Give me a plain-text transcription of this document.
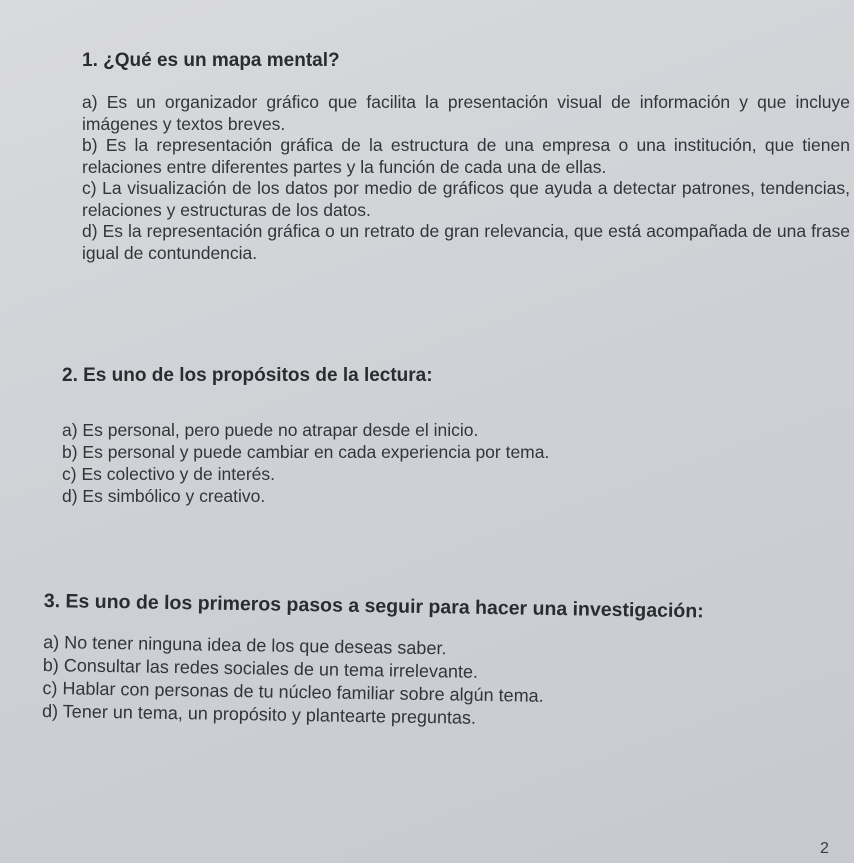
1. ¿Qué es un mapa mental?

a) Es un organizador gráfico que facilita la presentación visual de información y que incluye imágenes y textos breves.

b) Es la representación gráfica de la estructura de una empresa o una institución, que tienen relaciones entre diferentes partes y la función de cada una de ellas.

c) La visualización de los datos por medio de gráficos que ayuda a detectar patrones, tendencias, relaciones y estructuras de los datos.

d) Es la representación gráfica o un retrato de gran relevancia, que está acompañada de una frase igual de contundencia.

2. Es uno de los propósitos de la lectura:

a) Es personal, pero puede no atrapar desde el inicio.

b) Es personal y puede cambiar en cada experiencia por tema.

c) Es colectivo y de interés.

d) Es simbólico y creativo.

3. Es uno de los primeros pasos a seguir para hacer una investigación:

a) No tener ninguna idea de los que deseas saber.

b) Consultar las redes sociales de un tema irrelevante.

c) Hablar con personas de tu núcleo familiar sobre algún tema.

d) Tener un tema, un propósito y plantearte preguntas.

2
